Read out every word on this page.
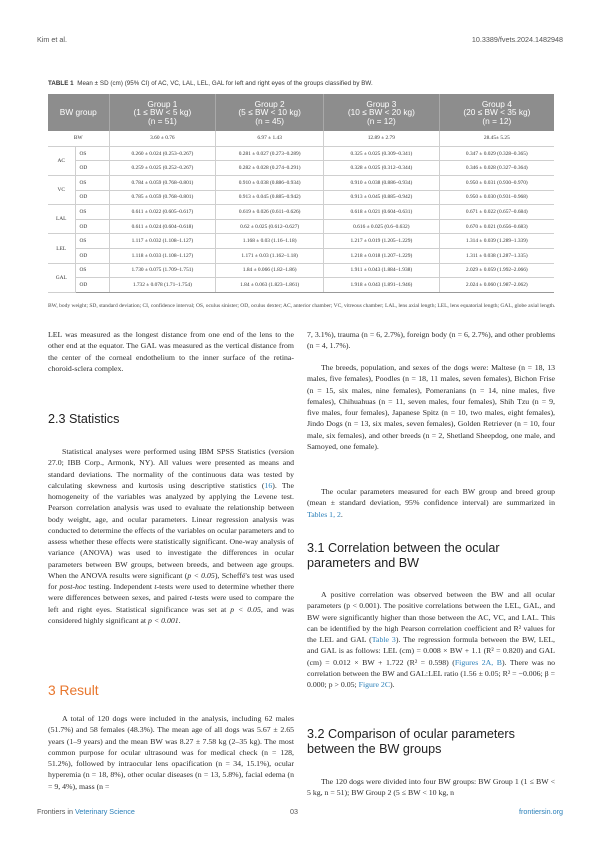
Kim et al.	10.3389/fvets.2024.1482948
TABLE 1 Mean ± SD (cm) (95% CI) of AC, VC, LAL, LEL, GAL for left and right eyes of the groups classified by BW.
BW group		Group 1
(1 ≤ BW < 5 kg)
(n = 51)	Group 2
(5 ≤ BW < 10 kg)
(n = 45)	Group 3
(10 ≤ BW < 20 kg)
(n = 12)	Group 4
(20 ≤ BW < 35 kg)
(n = 12)

BW		3.60 ± 0.76	6.97 ± 1.43	12.89 ± 2.79	28.45± 5.25
AC	OS	0.260 ± 0.024 (0.253–0.267)	0.281 ± 0.027 (0.273–0.289)	0.325 ± 0.025 (0.309–0.341)	0.347 ± 0.029 (0.328–0.365)
	OD	0.259 ± 0.025 (0.252–0.267)	0.282 ± 0.028 (0.274–0.291)	0.328 ± 0.025 (0.312–0.344)	0.346 ± 0.028 (0.327–0.364)
VC	OS	0.784 ± 0.059 (0.768–0.801)	0.910 ± 0.038 (0.886–0.934)	0.910 ± 0.038 (0.886–0.934)	0.950 ± 0.031 (0.930–0.970)
	OD	0.785 ± 0.059 (0.768–0.801)	0.913 ± 0.045 (0.885–0.942)	0.913 ± 0.045 (0.885–0.942)	0.950 ± 0.030 (0.931–0.968)
LAL	OS	0.611 ± 0.022 (0.605–0.617)	0.619 ± 0.026 (0.611–0.626)	0.618 ± 0.021 (0.604–0.631)	0.671 ± 0.022 (0.657–0.684)
	OD	0.611 ± 0.024 (0.604–0.618)	0.62 ± 0.025 (0.612–0.627)	0.616 ± 0.025 (0.6–0.632)	0.670 ± 0.021 (0.656–0.683)
LEL	OS	1.117 ± 0.032 (1.108–1.127)	1.168 ± 0.03 (1.16–1.18)	1.217 ± 0.019 (1.205–1.229)	1.314 ± 0.039 (1.289–1.339)
	OD	1.118 ± 0.033 (1.108–1.127)	1.171 ± 0.03 (1.162–1.18)	1.218 ± 0.018 (1.207–1.229)	1.311 ± 0.038 (1.287–1.335)
GAL	OS	1.730 ± 0.075 (1.709–1.751)	1.84 ± 0.066 (1.82–1.86)	1.911 ± 0.043 (1.884–1.938)	2.029 ± 0.059 (1.992–2.066)
	OD	1.732 ± 0.078 (1.71–1.754)	1.84 ± 0.063 (1.823–1.861)	1.918 ± 0.043 (1.891–1.946)	2.024 ± 0.060 (1.987–2.062)
BW, body weight; SD, standard deviation; CI, confidence interval; OS, oculus sinister; OD, oculus dexter; AC, anterior chamber; VC, vitreous chamber; LAL, lens axial length; LEL, lens equatorial length; GAL, globe axial length.

LEL was measured as the longest distance from one end of the lens to the other end at the equator. The GAL was measured as the vertical distance from the center of the corneal endothelium to the inner surface of the retina-choroid-sclera complex.

2.3 Statistics

Statistical analyses were performed using IBM SPSS Statistics (version 27.0; IBB Corp., Armonk, NY). All values were presented as means and standard deviations. The normality of the continuous data was tested by calculating skewness and kurtosis using descriptive statistics (16). The homogeneity of the variables was analyzed by applying the Levene test. Pearson correlation analysis was used to evaluate the relationship between body weight, age, and ocular parameters. Linear regression analysis was conducted to determine the effects of the variables on ocular parameters and to assess whether these effects were statistically significant. One-way analysis of variance (ANOVA) was used to investigate the differences in ocular parameters between BW groups, between breeds, and between age groups. When the ANOVA results were significant (p < 0.05), Scheffé's test was used for post-hoc testing. Independent t-tests were used to determine whether there were differences between sexes, and paired t-tests were used to compare the left and right eyes. Statistical significance was set at p < 0.05, and was considered highly significant at p < 0.001.

3 Result

A total of 120 dogs were included in the analysis, including 62 males (51.7%) and 58 females (48.3%). The mean age of all dogs was 5.67 ± 2.65 years (1–9 years) and the mean BW was 8.27 ± 7.58 kg (2–35 kg). The most common purpose for ocular ultrasound was for medical check (n = 128, 51.2%), followed by intraocular lens opacification (n = 34, 15.1%), ocular hyperemia (n = 18, 8%), other ocular diseases (n = 13, 5.8%), facial edema (n = 9, 4%), mass (n =

7, 3.1%), trauma (n = 6, 2.7%), foreign body (n = 6, 2.7%), and other problems (n = 4, 1.7%).

The breeds, population, and sexes of the dogs were: Maltese (n = 18, 13 males, five females), Poodles (n = 18, 11 males, seven females), Bichon Frise (n = 15, six males, nine females), Pomeranians (n = 14, nine males, five females), Chihuahuas (n = 11, seven males, four females), Shih Tzu (n = 9, five males, four females), Japanese Spitz (n = 10, two males, eight females), Jindo Dogs (n = 13, six males, seven females), Golden Retriever (n = 10, four male, six females), and other breeds (n = 2, Shetland Sheepdog, one male, and Samoyed, one female).

The ocular parameters measured for each BW group and breed group (mean ± standard deviation, 95% confidence interval) are summarized in Tables 1, 2.

3.1 Correlation between the ocular parameters and BW

A positive correlation was observed between the BW and all ocular parameters (p < 0.001). The positive correlations between the LEL, GAL, and BW were significantly higher than those between the AC, VC, and LAL. This can be identified by the high Pearson correlation coefficient and R² values for the LEL and GAL (Table 3). The regression formula between the BW, LEL, and GAL is as follows: LEL (cm) = 0.008 × BW + 1.1 (R² = 0.820) and GAL (cm) = 0.012 × BW + 1.722 (R² = 0.598) (Figures 2A, B). There was no correlation between the BW and GAL:LEL ratio (1.56 ± 0.05; R² = −0.006; β = 0.000; p > 0.05; Figure 2C).

3.2 Comparison of ocular parameters between the BW groups

The 120 dogs were divided into four BW groups: BW Group 1 (1 ≤ BW < 5 kg, n = 51); BW Group 2 (5 ≤ BW < 10 kg, n

Frontiers in Veterinary Science	03	frontiersin.org
